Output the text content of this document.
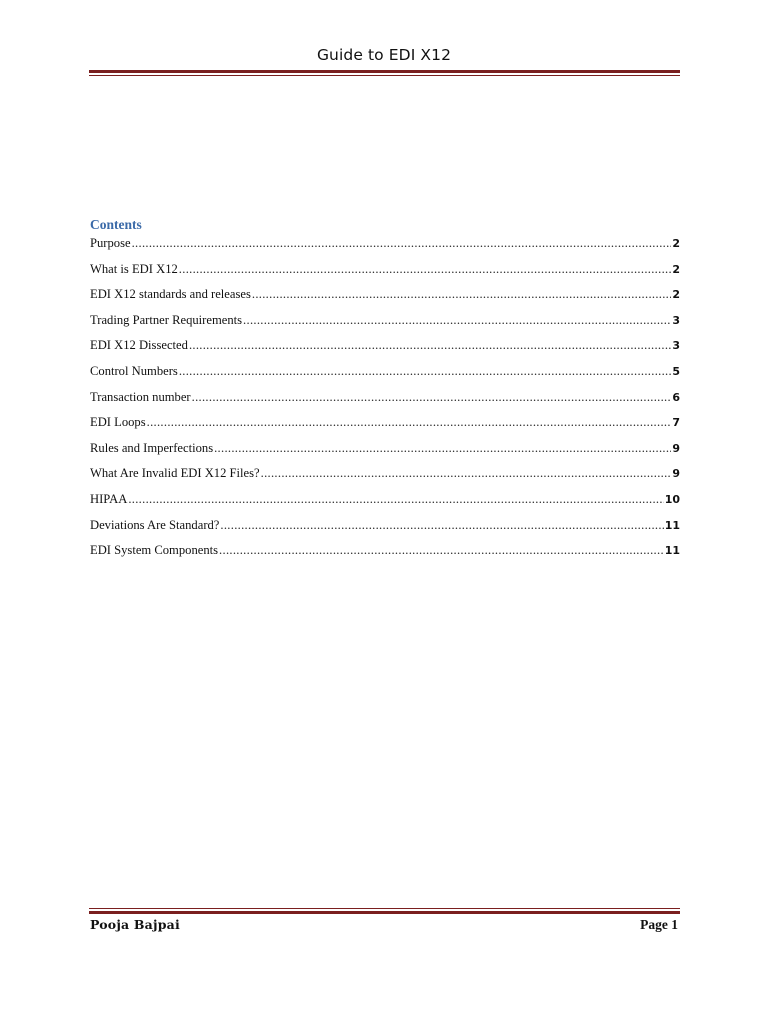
Guide to EDI X12
Contents
Purpose .....	2
What is EDI X12 .....	2
EDI X12 standards and releases .....	2
Trading Partner Requirements .....	3
EDI X12 Dissected .....	3
Control Numbers .....	5
Transaction number .....	6
EDI Loops .....	7
Rules and Imperfections .....	9
What Are Invalid EDI X12 Files? .....	9
HIPAA .....	10
Deviations Are Standard? .....	11
EDI System Components .....	11
Pooja Bajpai	Page 1
